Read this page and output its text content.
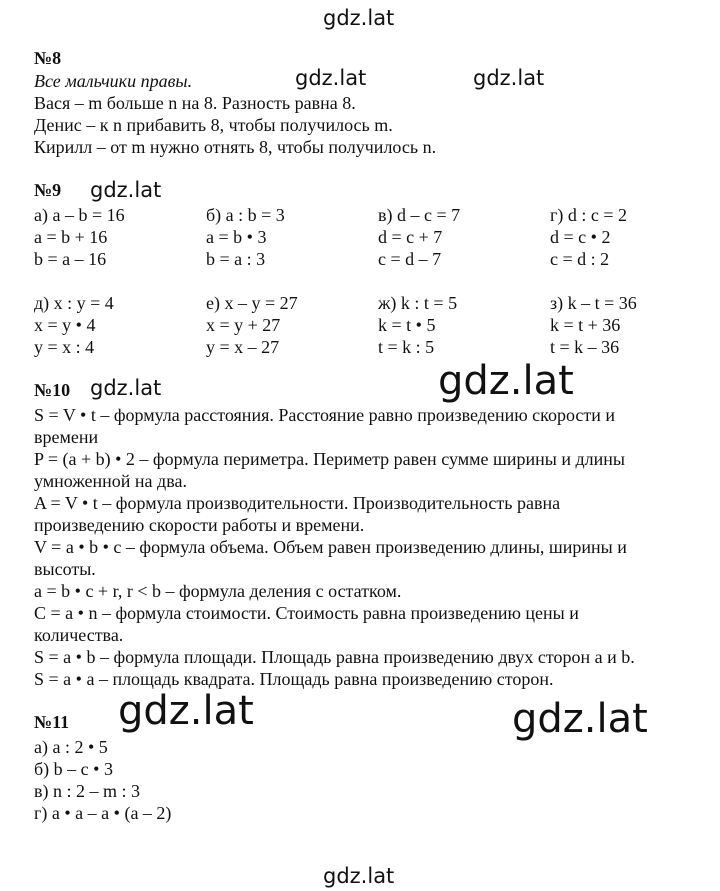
gdz.lat
gdz.lat	gdz.lat
gdz.lat
gdz.lat	gdz.lat
gdz.lat	gdz.lat
gdz.lat
№8
Все мальчики правы.
Вася – m больше n на 8. Разность равна 8.
Денис – к n прибавить 8, чтобы получилось m.
Кирилл – от m нужно отнять 8, чтобы получилось n.
№9
а) a – b = 16
a = b + 16
b = a – 16
б) a : b = 3
a = b • 3
b = a : 3
в) d – c = 7
d = c + 7
c = d – 7
г) d : c = 2
d = c • 2
c = d : 2
д) x : y = 4
x = y • 4
y = x : 4
е) x – y = 27
x = y + 27
y = x – 27
ж) k : t = 5
k = t • 5
t = k : 5
з) k – t = 36
k = t + 36
t = k – 36
№10
S = V • t – формула расстояния. Расстояние равно произведению скорости и
времени
P = (a + b) • 2 – формула периметра. Периметр равен сумме ширины и длины
умноженной на два.
A = V • t – формула производительности. Производительность равна
произведению скорости работы и времени.
V = a • b • c – формула объема. Объем равен произведению длины, ширины и
высоты.
a = b • c + r, r < b – формула деления с остатком.
C = a • n – формула стоимости. Стоимость равна произведению цены и
количества.
S = a • b – формула площади. Площадь равна произведению двух сторон a и b.
S = a • a – площадь квадрата. Площадь равна произведению сторон.
№11
а) a : 2 • 5
б) b – c • 3
в) n : 2 – m : 3
г) a • a – a • (a – 2)
